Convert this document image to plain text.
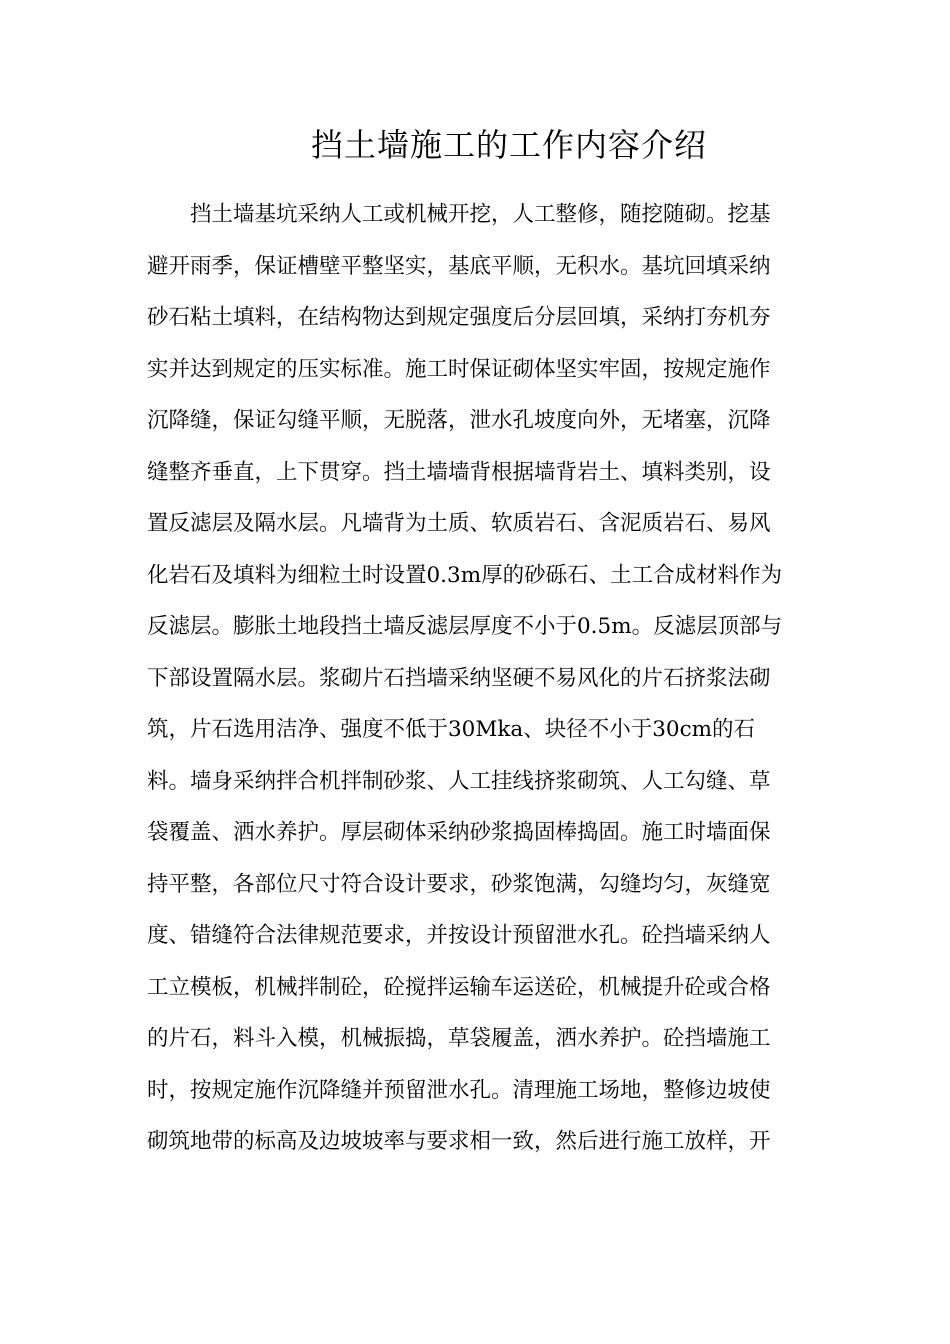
挡土墙施工的工作内容介绍
挡土墙基坑采纳人工或机械开挖，人工整修，随挖随砌。挖基
避开雨季，保证槽壁平整坚实，基底平顺，无积水。基坑回填采纳
砂石粘土填料，在结构物达到规定强度后分层回填，采纳打夯机夯
实并达到规定的压实标准。施工时保证砌体坚实牢固，按规定施作
沉降缝，保证勾缝平顺，无脱落，泄水孔坡度向外，无堵塞，沉降
缝整齐垂直，上下贯穿。挡土墙墙背根据墙背岩土、填料类别，设
置反滤层及隔水层。凡墙背为土质、软质岩石、含泥质岩石、易风
化岩石及填料为细粒土时设置0.3m厚的砂砾石、土工合成材料作为
反滤层。膨胀土地段挡土墙反滤层厚度不小于0.5m。反滤层顶部与
下部设置隔水层。浆砌片石挡墙采纳坚硬不易风化的片石挤浆法砌
筑，片石选用洁净、强度不低于30Mka、块径不小于30cm的石
料。墙身采纳拌合机拌制砂浆、人工挂线挤浆砌筑、人工勾缝、草
袋覆盖、洒水养护。厚层砌体采纳砂浆捣固棒捣固。施工时墙面保
持平整，各部位尺寸符合设计要求，砂浆饱满，勾缝均匀，灰缝宽
度、错缝符合法律规范要求，并按设计预留泄水孔。砼挡墙采纳人
工立模板，机械拌制砼，砼搅拌运输车运送砼，机械提升砼或合格
的片石，料斗入模，机械振捣，草袋履盖，洒水养护。砼挡墙施工
时，按规定施作沉降缝并预留泄水孔。清理施工场地，整修边坡使
砌筑地带的标高及边坡坡率与要求相一致，然后进行施工放样，开
